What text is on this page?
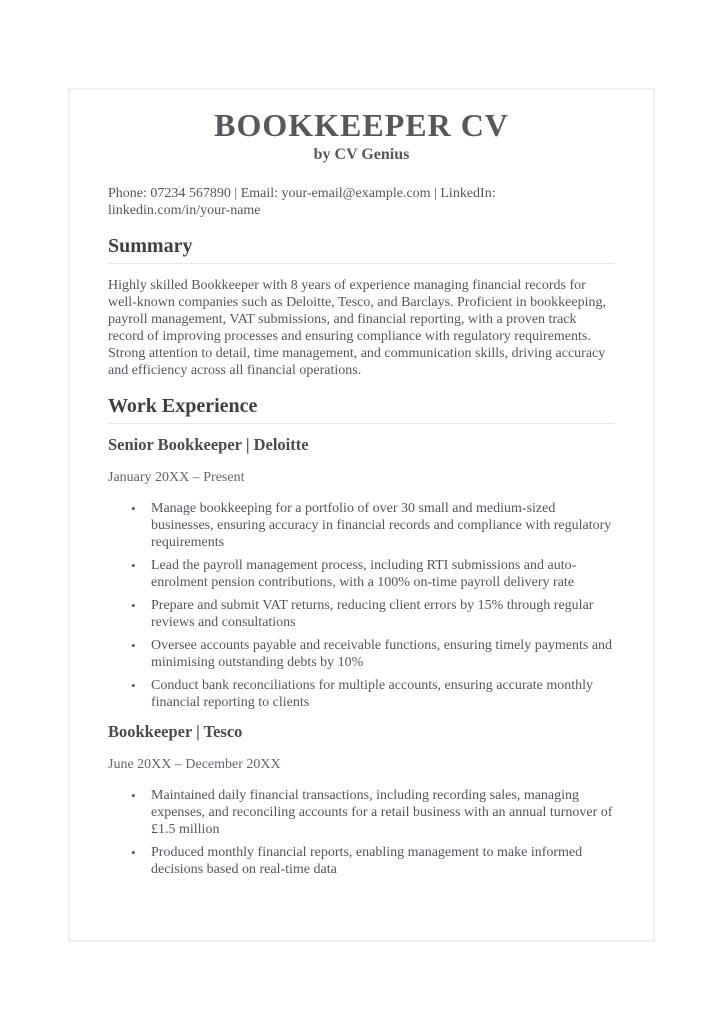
BOOKKEEPER CV
by CV Genius

Phone: 07234 567890 | Email: your-email@example.com | LinkedIn: linkedin.com/in/your-name

Summary

Highly skilled Bookkeeper with 8 years of experience managing financial records for well-known companies such as Deloitte, Tesco, and Barclays. Proficient in bookkeeping, payroll management, VAT submissions, and financial reporting, with a proven track record of improving processes and ensuring compliance with regulatory requirements. Strong attention to detail, time management, and communication skills, driving accuracy and efficiency across all financial operations.

Work Experience
Senior Bookkeeper | Deloitte

January 20XX – Present

• Manage bookkeeping for a portfolio of over 30 small and medium-sized businesses, ensuring accuracy in financial records and compliance with regulatory requirements
• Lead the payroll management process, including RTI submissions and auto-enrolment pension contributions, with a 100% on-time payroll delivery rate
• Prepare and submit VAT returns, reducing client errors by 15% through regular reviews and consultations
• Oversee accounts payable and receivable functions, ensuring timely payments and minimising outstanding debts by 10%
• Conduct bank reconciliations for multiple accounts, ensuring accurate monthly financial reporting to clients
Bookkeeper | Tesco

June 20XX – December 20XX

• Maintained daily financial transactions, including recording sales, managing expenses, and reconciling accounts for a retail business with an annual turnover of £1.5 million
• Produced monthly financial reports, enabling management to make informed decisions based on real-time data
